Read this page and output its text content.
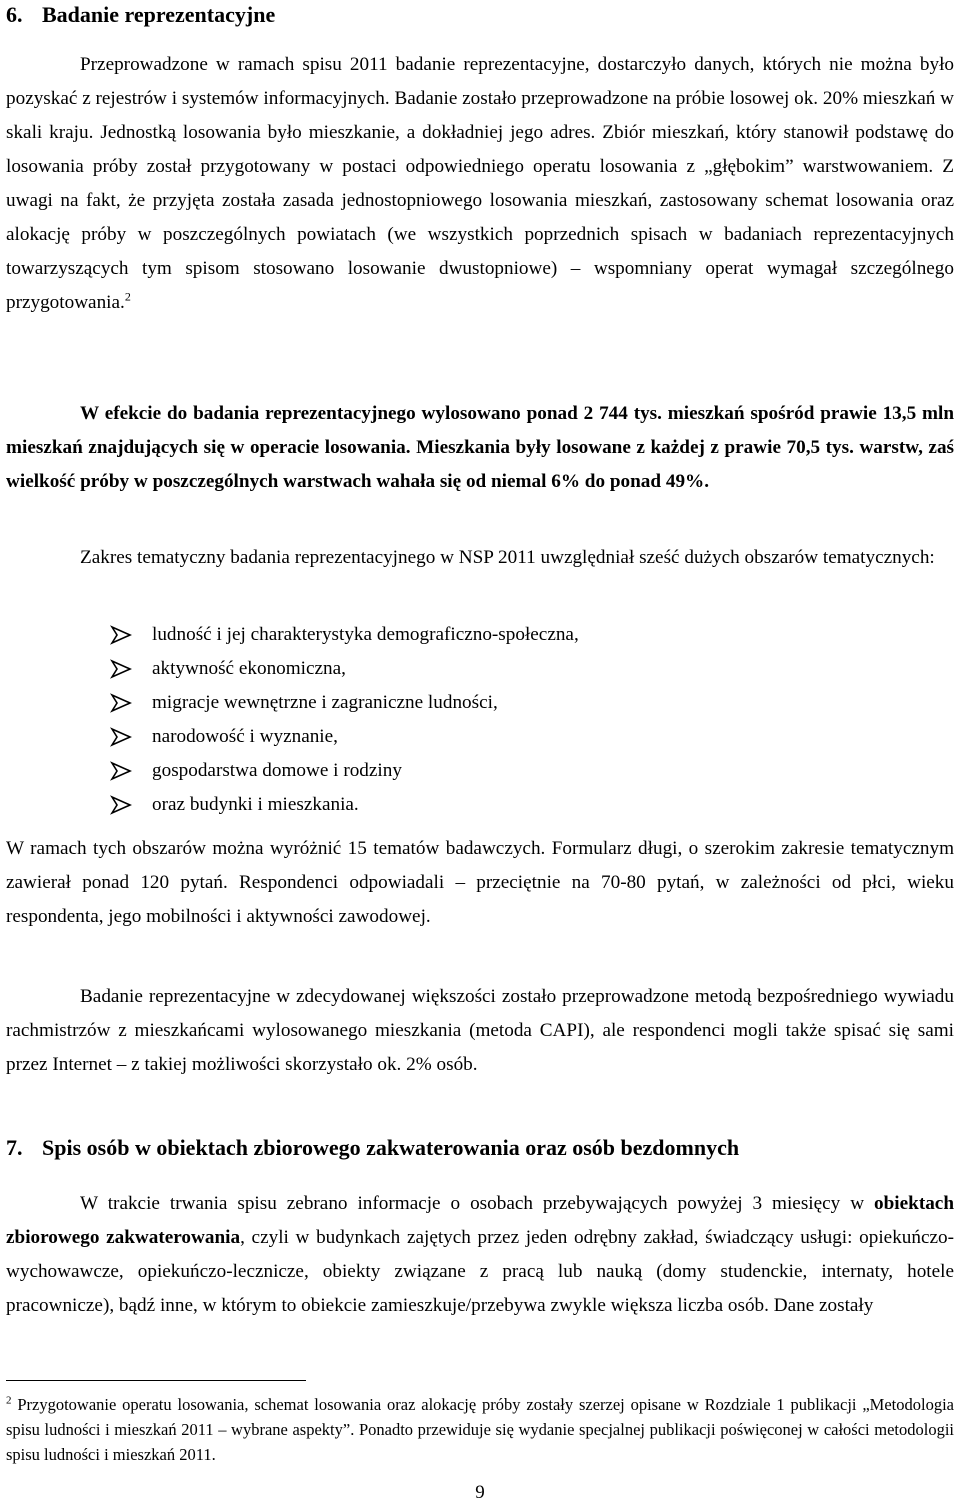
6. Badanie reprezentacyjne

Przeprowadzone w ramach spisu 2011 badanie reprezentacyjne, dostarczyło danych, których nie można było pozyskać z rejestrów i systemów informacyjnych. Badanie zostało przeprowadzone na próbie losowej ok. 20% mieszkań w skali kraju. Jednostką losowania było mieszkanie, a dokładniej jego adres. Zbiór mieszkań, który stanowił podstawę do losowania próby został przygotowany w postaci odpowiedniego operatu losowania z „głębokim” warstwowaniem. Z uwagi na fakt, że przyjęta została zasada jednostopniowego losowania mieszkań, zastosowany schemat losowania oraz alokację próby w poszczególnych powiatach (we wszystkich poprzednich spisach w badaniach reprezentacyjnych towarzyszących tym spisom stosowano losowanie dwustopniowe) – wspomniany operat wymagał szczególnego przygotowania.$^2$

W efekcie do badania reprezentacyjnego wylosowano ponad 2 744 tys. mieszkań spośród prawie 13,5 mln mieszkań znajdujących się w operacie losowania. Mieszkania były losowane z każdej z prawie 70,5 tys. warstw, zaś wielkość próby w poszczególnych warstwach wahała się od niemal 6% do ponad 49%.

Zakres tematyczny badania reprezentacyjnego w NSP 2011 uwzględniał sześć dużych obszarów tematycznych:

ludność i jej charakterystyka demograficzno-społeczna,
aktywność ekonomiczna,
migracje wewnętrzne i zagraniczne ludności,
narodowość i wyznanie,
gospodarstwa domowe i rodziny
oraz budynki i mieszkania.

W ramach tych obszarów można wyróżnić 15 tematów badawczych. Formularz długi, o szerokim zakresie tematycznym zawierał ponad 120 pytań. Respondenci odpowiadali – przeciętnie na 70-80 pytań, w zależności od płci, wieku respondenta, jego mobilności i aktywności zawodowej.

Badanie reprezentacyjne w zdecydowanej większości zostało przeprowadzone metodą bezpośredniego wywiadu rachmistrzów z mieszkańcami wylosowanego mieszkania (metoda CAPI), ale respondenci mogli także spisać się sami przez Internet – z takiej możliwości skorzystało ok. 2% osób.

7. Spis osób w obiektach zbiorowego zakwaterowania oraz osób bezdomnych

W trakcie trwania spisu zebrano informacje o osobach przebywających powyżej 3 miesięcy w obiektach zbiorowego zakwaterowania, czyli w budynkach zajętych przez jeden odrębny zakład, świadczący usługi: opiekuńczo-wychowawcze, opiekuńczo-lecznicze, obiekty związane z pracą lub nauką (domy studenckie, internaty, hotele pracownicze), bądź inne, w którym to obiekcie zamieszkuje/przebywa zwykle większa liczba osób. Dane zostały

$^2$ Przygotowanie operatu losowania, schemat losowania oraz alokację próby zostały szerzej opisane w Rozdziale 1 publikacji „Metodologia spisu ludności i mieszkań 2011 – wybrane aspekty”. Ponadto przewiduje się wydanie specjalnej publikacji poświęconej w całości metodologii spisu ludności i mieszkań 2011.

9
